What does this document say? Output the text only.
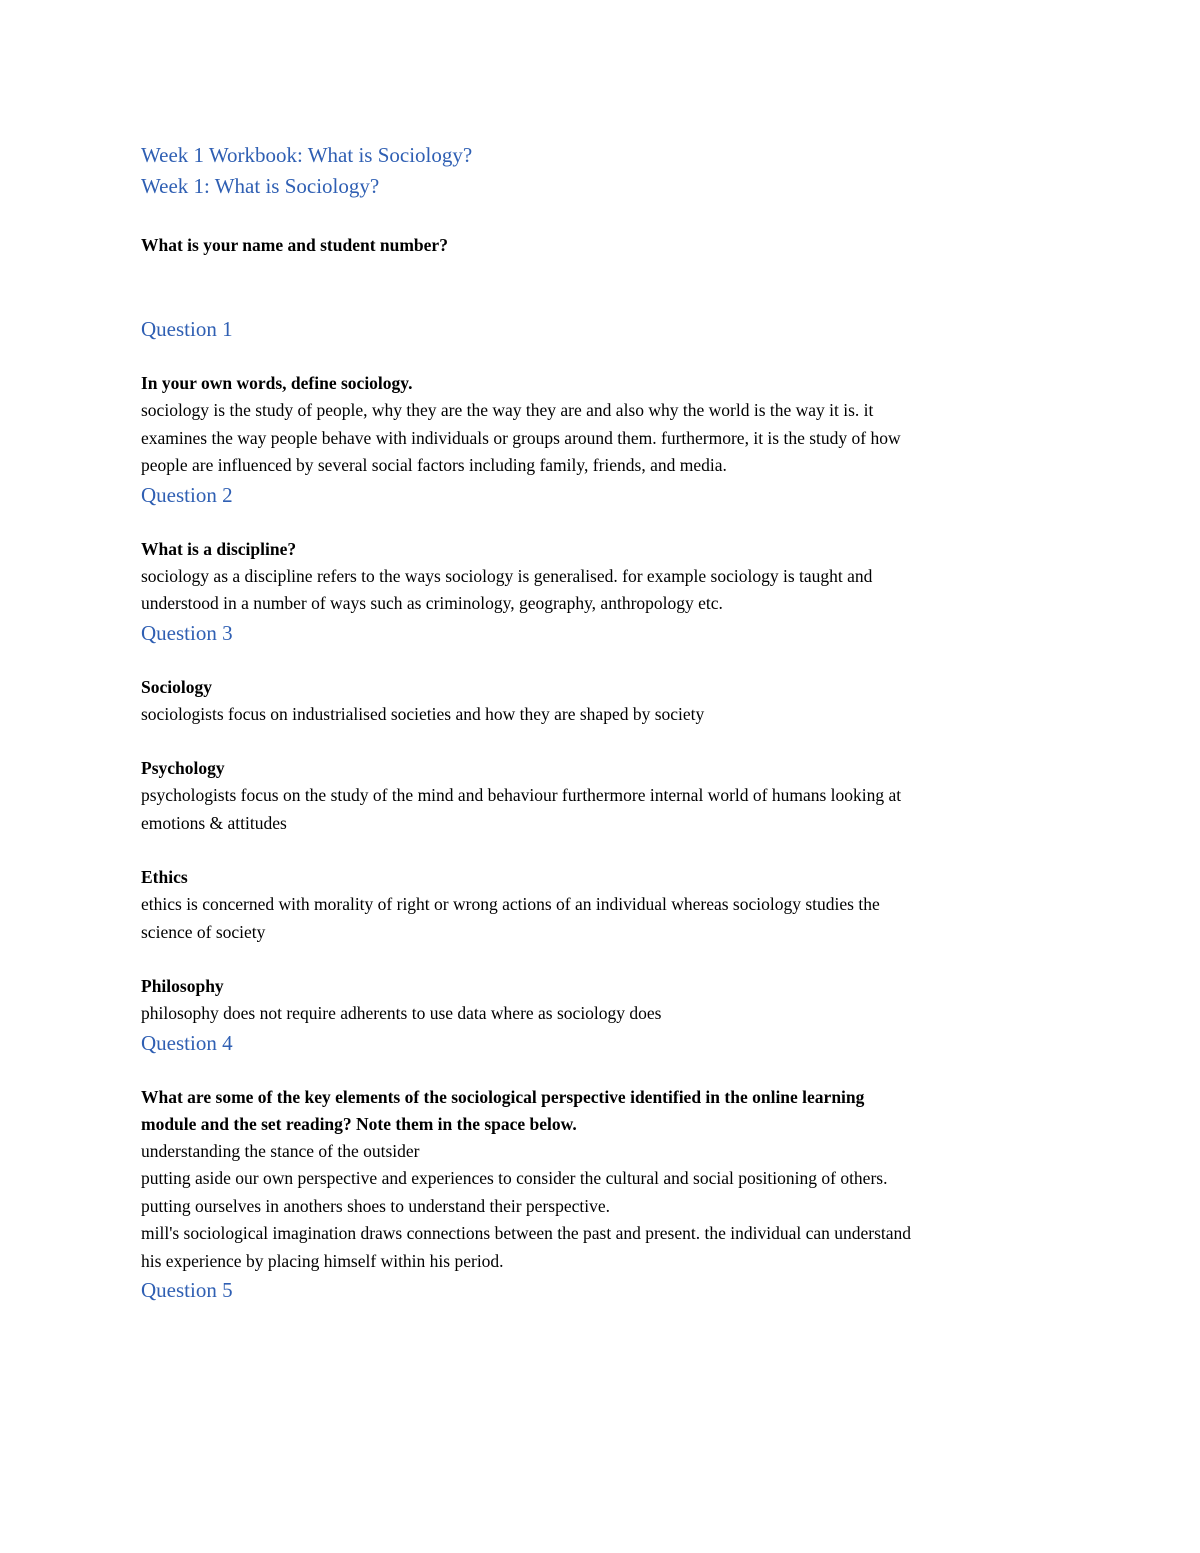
Week 1 Workbook: What is Sociology?

Week 1: What is Sociology?

What is your name and student number?

Question 1

In your own words, define sociology.

sociology is the study of people, why they are the way they are and also why the world is the way it is. it
examines the way people behave with individuals or groups around them. furthermore, it is the study of how
people are influenced by several social factors including family, friends, and media.

Question 2

What is a discipline?

sociology as a discipline refers to the ways sociology is generalised. for example sociology is taught and
understood in a number of ways such as criminology, geography, anthropology etc.

Question 3

Sociology

sociologists focus on industrialised societies and how they are shaped by society

Psychology

psychologists focus on the study of the mind and behaviour furthermore internal world of humans looking at
emotions & attitudes

Ethics

ethics is concerned with morality of right or wrong actions of an individual whereas sociology studies the
science of society

Philosophy

philosophy does not require adherents to use data where as sociology does

Question 4

What are some of the key elements of the sociological perspective identified in the online learning
module and the set reading? Note them in the space below.

understanding the stance of the outsider
putting aside our own perspective and experiences to consider the cultural and social positioning of others.
putting ourselves in anothers shoes to understand their perspective.
mill's sociological imagination draws connections between the past and present. the individual can understand
his experience by placing himself within his period.

Question 5
